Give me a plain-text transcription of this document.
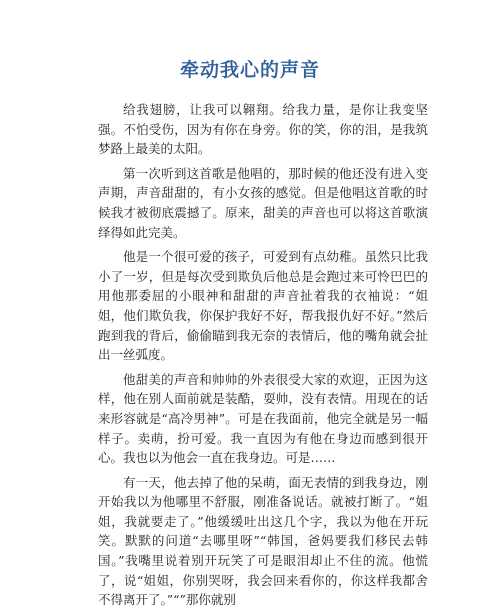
牵动我心的声音

给我翅膀，让我可以翱翔。给我力量，是你让我变坚强。不怕受伤，因为有你在身旁。你的笑，你的泪，是我筑梦路上最美的太阳。

第一次听到这首歌是他唱的，那时候的他还没有进入变声期，声音甜甜的，有小女孩的感觉。但是他唱这首歌的时候我才被彻底震撼了。原来，甜美的声音也可以将这首歌演绎得如此完美。

他是一个很可爱的孩子，可爱到有点幼稚。虽然只比我小了一岁，但是每次受到欺负后他总是会跑过来可怜巴巴的用他那委屈的小眼神和甜甜的声音扯着我的衣袖说：“姐姐，他们欺负我，你保护我好不好，帮我报仇好不好。”然后跑到我的背后，偷偷瞄到我无奈的表情后，他的嘴角就会扯出一丝弧度。

他甜美的声音和帅帅的外表很受大家的欢迎，正因为这样，他在别人面前就是装酷，耍帅，没有表情。用现在的话来形容就是“高冷男神”。可是在我面前，他完全就是另一幅样子。卖萌，扮可爱。我一直因为有他在身边而感到很开心。我也以为他会一直在我身边。可是……

有一天，他去掉了他的呆萌，面无表情的到我身边，刚开始我以为他哪里不舒服，刚准备说话。就被打断了。“姐姐，我就要走了。”他缓缓吐出这几个字，我以为他在开玩笑。默默的问道“去哪里呀”“韩国，爸妈要我们移民去韩国。”我嘴里说着别开玩笑了可是眼泪却止不住的流。他慌了，说“姐姐，你别哭呀，我会回来看你的，你这样我都舍不得离开了。”“”那你就别
